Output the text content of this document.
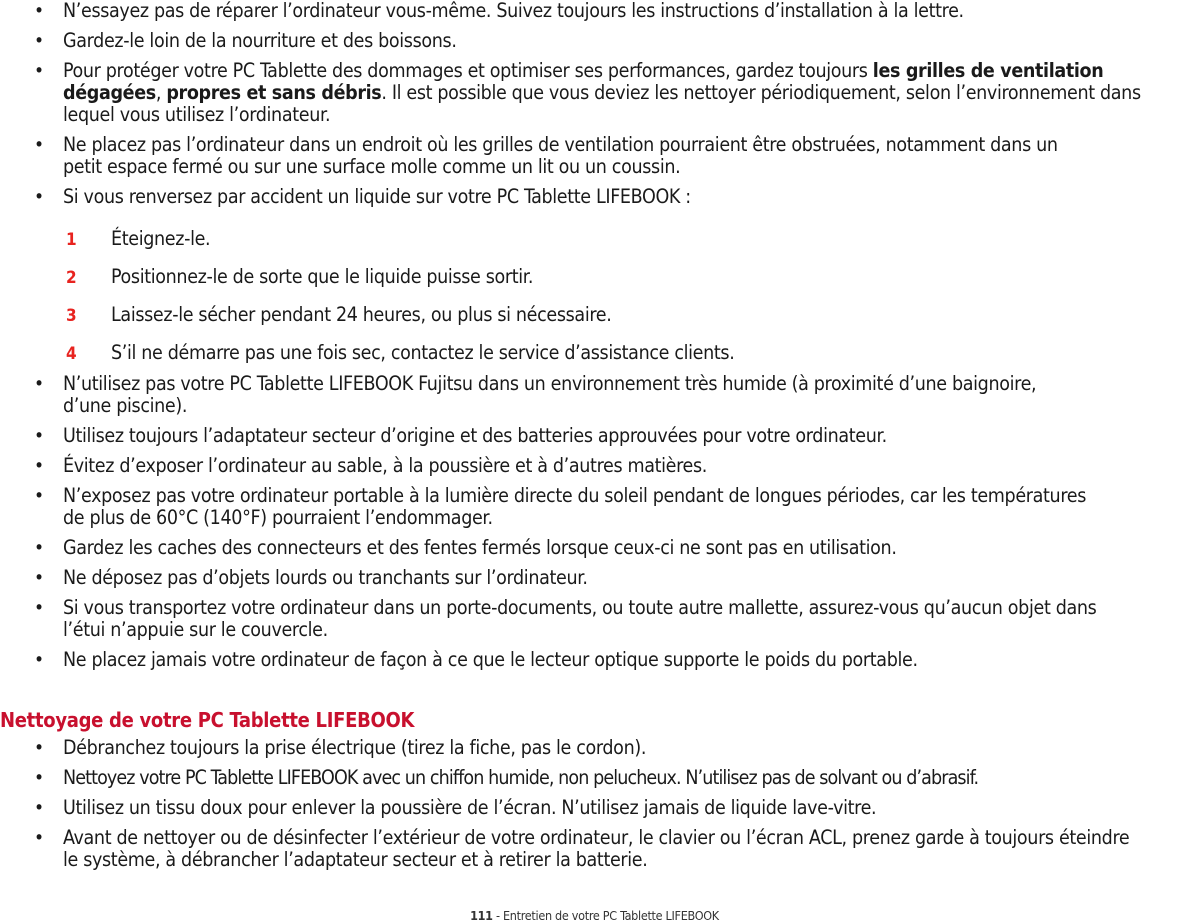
• N’essayez pas de réparer l’ordinateur vous-même. Suivez toujours les instructions d’installation à la lettre.
• Gardez-le loin de la nourriture et des boissons.
• Pour protéger votre PC Tablette des dommages et optimiser ses performances, gardez toujours les grilles de ventilation dégagées, propres et sans débris. Il est possible que vous deviez les nettoyer périodiquement, selon l’environnement dans lequel vous utilisez l’ordinateur.
• Ne placez pas l’ordinateur dans un endroit où les grilles de ventilation pourraient être obstruées, notamment dans un petit espace fermé ou sur une surface molle comme un lit ou un coussin.
• Si vous renversez par accident un liquide sur votre PC Tablette LIFEBOOK :
1 Éteignez-le.
2 Positionnez-le de sorte que le liquide puisse sortir.
3 Laissez-le sécher pendant 24 heures, ou plus si nécessaire.
4 S’il ne démarre pas une fois sec, contactez le service d’assistance clients.
• N’utilisez pas votre PC Tablette LIFEBOOK Fujitsu dans un environnement très humide (à proximité d’une baignoire, d’une piscine).
• Utilisez toujours l’adaptateur secteur d’origine et des batteries approuvées pour votre ordinateur.
• Évitez d’exposer l’ordinateur au sable, à la poussière et à d’autres matières.
• N’exposez pas votre ordinateur portable à la lumière directe du soleil pendant de longues périodes, car les températures de plus de 60°C (140°F) pourraient l’endommager.
• Gardez les caches des connecteurs et des fentes fermés lorsque ceux-ci ne sont pas en utilisation.
• Ne déposez pas d’objets lourds ou tranchants sur l’ordinateur.
• Si vous transportez votre ordinateur dans un porte-documents, ou toute autre mallette, assurez-vous qu’aucun objet dans l’étui n’appuie sur le couvercle.
• Ne placez jamais votre ordinateur de façon à ce que le lecteur optique supporte le poids du portable.
Nettoyage de votre PC Tablette LIFEBOOK
• Débranchez toujours la prise électrique (tirez la fiche, pas le cordon).
• Nettoyez votre PC Tablette LIFEBOOK avec un chiffon humide, non pelucheux. N’utilisez pas de solvant ou d’abrasif.
• Utilisez un tissu doux pour enlever la poussière de l’écran. N’utilisez jamais de liquide lave-vitre.
• Avant de nettoyer ou de désinfecter l’extérieur de votre ordinateur, le clavier ou l’écran ACL, prenez garde à toujours éteindre le système, à débrancher l’adaptateur secteur et à retirer la batterie.
111 - Entretien de votre PC Tablette LIFEBOOK
